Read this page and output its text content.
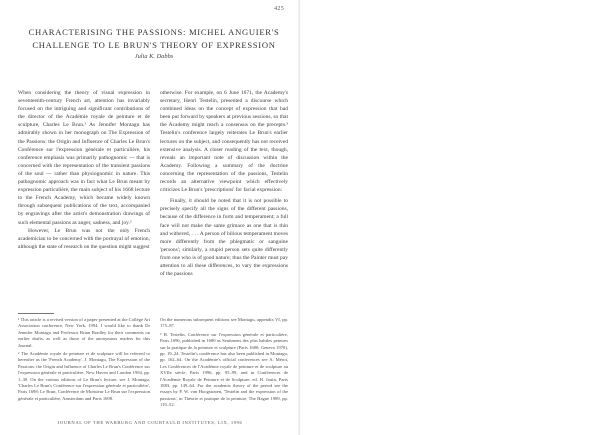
425
CHARACTERISING THE PASSIONS: MICHEL ANGUIER'S
CHALLENGE TO LE BRUN'S THEORY OF EXPRESSION
Julia K. Dabbs

When considering the theory of visual expression in seventeenth-century French art, attention has invariably focused on the intriguing and significant contributions of the director of the Académie royale de peinture et de sculpture, Charles Le Brun.¹ As Jennifer Montagu has admirably shown in her monograph on The Expression of the Passions: the Origin and Influence of Charles Le Brun's Conférence sur l'expression générale et particulière, his conference emphasis was primarily pathognomic — that is concerned with the representation of the transient passions of the soul — rather than physiognomic in nature. This pathognomic approach was in fact what Le Brun meant by expression particulière, the main subject of his 1668 lecture to the French Academy, which became widely known through subsequent publications of the text, accompanied by engravings after the artist's demonstration drawings of such elemental passions as anger, sadness, and joy.²

However, Le Brun was not the only French academician to be concerned with the portrayal of emotion, although the state of research on the question might suggest

otherwise. For example, on 6 June 1671, the Academy's secretary, Henri Testelin, presented a discourse which combined ideas on the concept of expression that had been put forward by speakers at previous sessions, so that the Academy might reach a consensus on the precepts.³ Testelin's conference largely reiterates Le Brun's earlier lectures on the subject, and consequently has not received extensive analysis. A closer reading of the text, though, reveals an important note of discussion within the Academy. Following a summary of the doctrine concerning the representation of the passions, Testelin records an alternative viewpoint which effectively criticizes Le Brun's 'prescriptions' for facial expression:

Finally, it should be noted that it is not possible to precisely specify all the signs of the different passions, because of the difference in form and temperament; a full face will not make the same grimace as one that is thin and withered, . . . A person of bilious temperament moves more differently from the phlegmatic or sanguine 'persons'; similarly, a stupid person sets quite differently from one who is of good nature; thus the Painter must pay attention to all these differences, to vary the expressions of the passions

¹ This article is a revised version of a paper presented at the Collège Art Association conference, New York, 1994. I would like to thank Dr Jennifer Montagu and Professor Brian Bradley for their comments on earlier drafts, as well as those of the anonymous readers for this Journal.

² The Académie royale de peinture et de sculpture will be referred to hereafter as the 'French Academy'. J. Montagu, The Expression of the Passions: the Origin and Influence of Charles Le Brun's Conférence sur l'expression générale et particulière, New Haven and London 1994, pp. 1–30. On the various editions of Le Brun's lecture, see J. Montagu, 'Charles Le Brun's Conférence sur l'expression générale et particulière', Paris 1698; Le Brun, Conférence de Monsieur Le Brun sur l'expression générale et particulière, Amsterdam and Paris 1698.

On the numerous subsequent editions see Montagu, appendix VI, pp. 175–87.

³ H. Testelin, Conférence sur l'expression générale et particulière, Paris 1696, published in 1680 as Sentimens des plus habiles peintres sur la pratique de la peinture et sculpture (Paris 1680; Geneva 1970), pp. 19–24. Testelin's conférence has also been published in Montagu, pp. 162–64. On the Académie's official conferences see A. Mérot, Les Conférences de l'Académie royale de peinture et de sculpture au XVIIe siècle, Paris 1996, pp. 95–99, and in Conférences de l'Académie Royale de Peinture et de Sculpture, ed. H. Jouin, Paris 1883, pp. 149–64. For the academic theory of the period see the essays by P. W. van Hoogstraten, 'Testelin and the expression of the passions', in Théorie et pratique de la peinture, The Hague 1989, pp. 119–52.

JOURNAL OF THE WARBURG AND COURTAULD INSTITUTES, LIX, 1996
